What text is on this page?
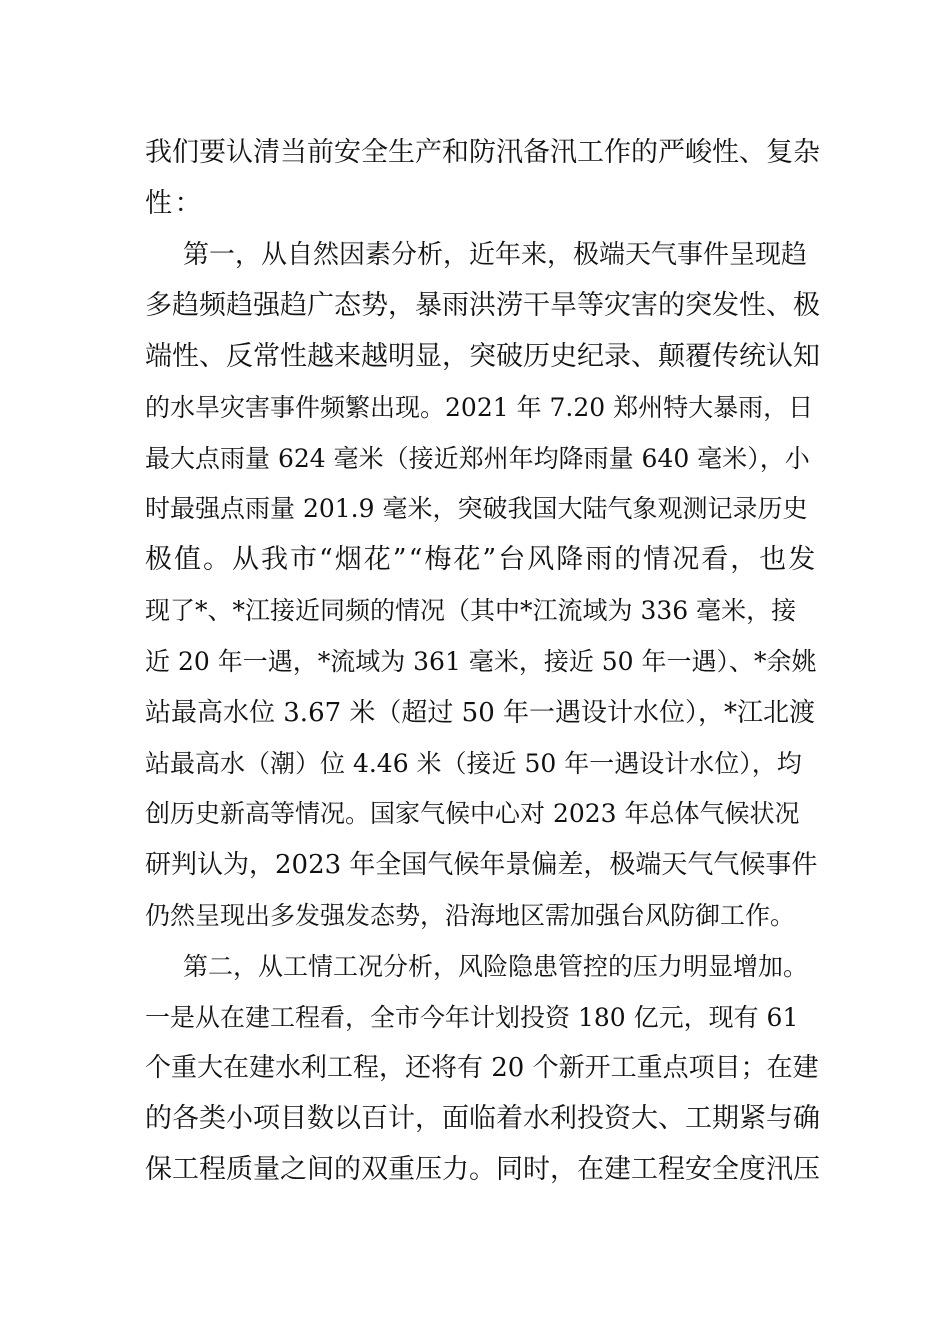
我们要认清当前安全生产和防汛备汛工作的严峻性、复杂
性：
第一，从自然因素分析，近年来，极端天气事件呈现趋
多趋频趋强趋广态势，暴雨洪涝干旱等灾害的突发性、极
端性、反常性越来越明显，突破历史纪录、颠覆传统认知
的水旱灾害事件频繁出现。2021 年 7.20 郑州特大暴雨，日
最大点雨量 624 毫米（接近郑州年均降雨量 640 毫米），小
时最强点雨量 201.9 毫米，突破我国大陆气象观测记录历史
极值。从我市“烟花”“梅花”台风降雨的情况看，也发
现了*、*江接近同频的情况（其中*江流域为 336 毫米，接
近 20 年一遇，*流域为 361 毫米，接近 50 年一遇）、*余姚
站最高水位 3.67 米（超过 50 年一遇设计水位），*江北渡
站最高水（潮）位 4.46 米（接近 50 年一遇设计水位），均
创历史新高等情况。国家气候中心对 2023 年总体气候状况
研判认为，2023 年全国气候年景偏差，极端天气气候事件
仍然呈现出多发强发态势，沿海地区需加强台风防御工作。
第二，从工情工况分析，风险隐患管控的压力明显增加。
一是从在建工程看，全市今年计划投资 180 亿元，现有 61
个重大在建水利工程，还将有 20 个新开工重点项目；在建
的各类小项目数以百计，面临着水利投资大、工期紧与确
保工程质量之间的双重压力。同时，在建工程安全度汛压
